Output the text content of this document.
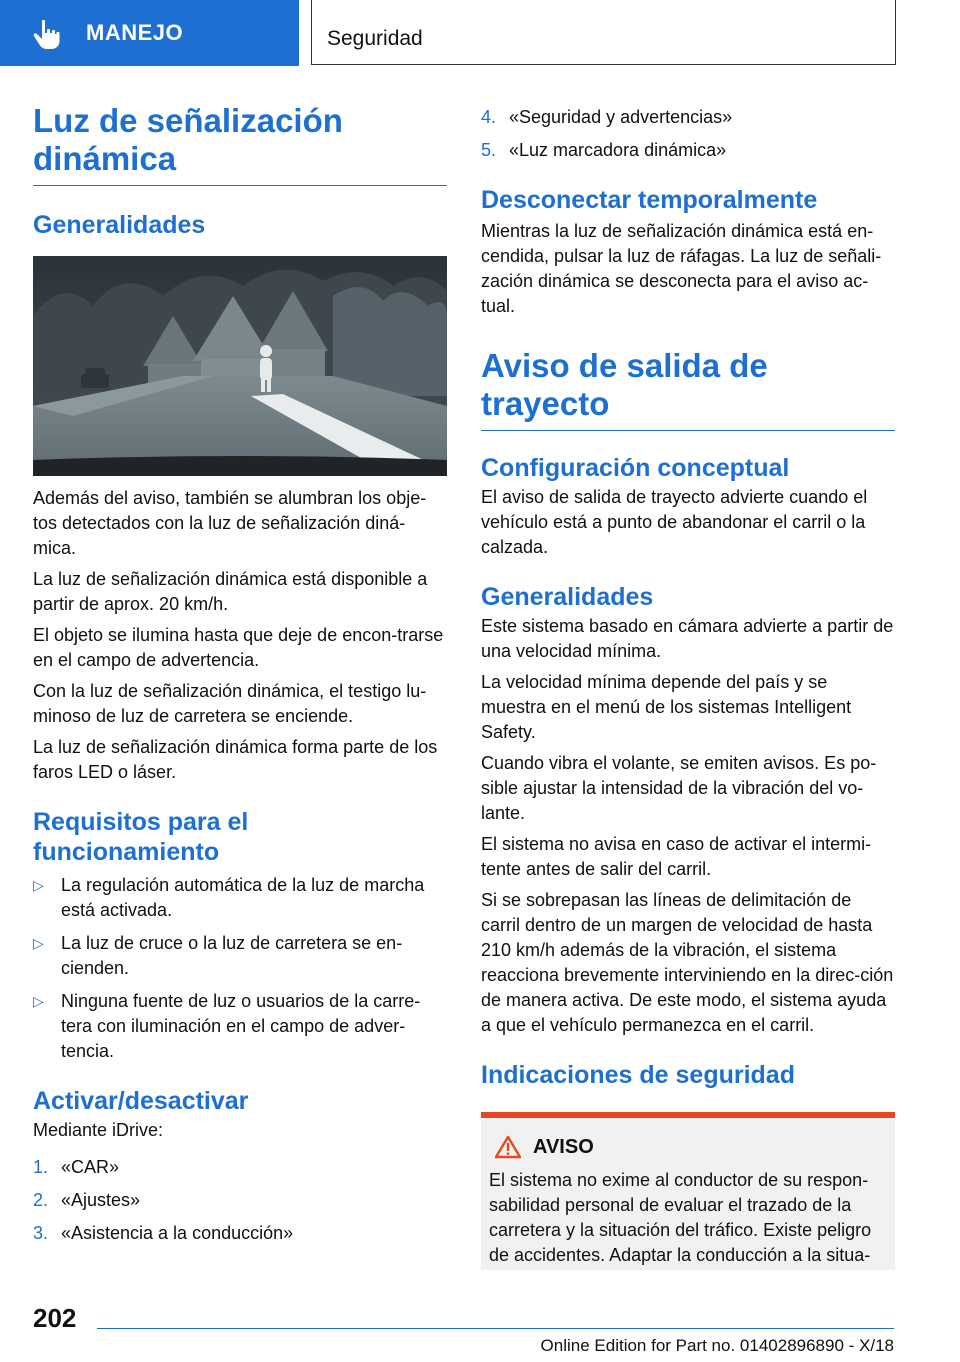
MANEJO	Seguridad
Luz de señalización
dinámica
Generalidades

Además del aviso, también se alumbran los obje-tos detectados con la luz de señalización diná-mica.

La luz de señalización dinámica está disponible a partir de aprox. 20 km/h.

El objeto se ilumina hasta que deje de encon-trarse en el campo de advertencia.

Con la luz de señalización dinámica, el testigo lu-minoso de luz de carretera se enciende.

La luz de señalización dinámica forma parte de los faros LED o láser.

Requisitos para el
funcionamiento
▷ La regulación automática de la luz de marcha está activada.
▷ La luz de cruce o la luz de carretera se en-cienden.
▷ Ninguna fuente de luz o usuarios de la carre-tera con iluminación en el campo de adver-tencia.
Activar/desactivar

Mediante iDrive:

1. «CAR»
2. «Ajustes»
3. «Asistencia a la conducción»
4. «Seguridad y advertencias»
5. «Luz marcadora dinámica»
Desconectar temporalmente

Mientras la luz de señalización dinámica está en-cendida, pulsar la luz de ráfagas. La luz de señali-zación dinámica se desconecta para el aviso ac-tual.

Aviso de salida de trayecto
Configuración conceptual

El aviso de salida de trayecto advierte cuando el vehículo está a punto de abandonar el carril o la calzada.

Generalidades

Este sistema basado en cámara advierte a partir de una velocidad mínima.

La velocidad mínima depende del país y se muestra en el menú de los sistemas Intelligent Safety.

Cuando vibra el volante, se emiten avisos. Es po-sible ajustar la intensidad de la vibración del vo-lante.

El sistema no avisa en caso de activar el intermi-tente antes de salir del carril.

Si se sobrepasan las líneas de delimitación de carril dentro de un margen de velocidad de hasta 210 km/h además de la vibración, el sistema reacciona brevemente interviniendo en la direc-ción de manera activa. De este modo, el sistema ayuda a que el vehículo permanezca en el carril.

Indicaciones de seguridad
AVISO

El sistema no exime al conductor de su respon-sabilidad personal de evaluar el trazado de la carretera y la situación del tráfico. Existe peligro de accidentes. Adaptar la conducción a la situa-

202
Online Edition for Part no. 01402896890 - X/18
